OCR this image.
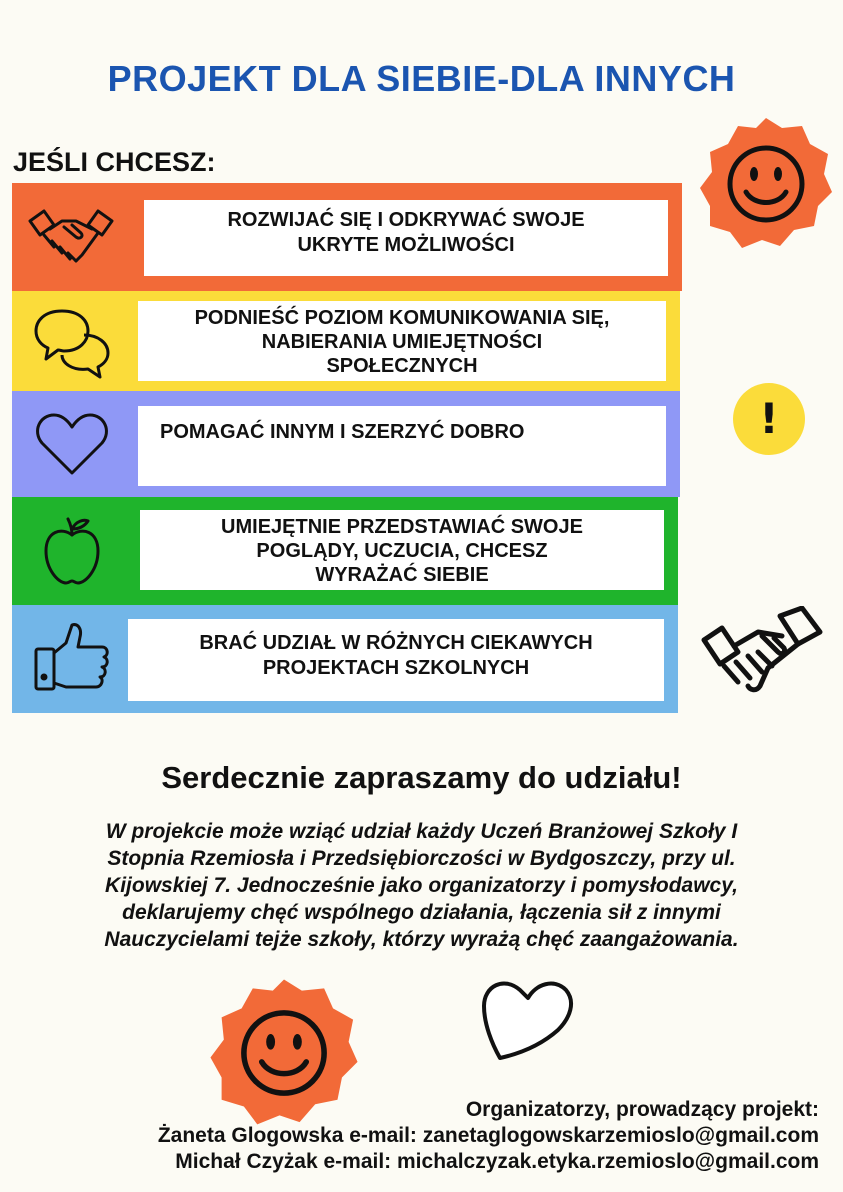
PROJEKT DLA SIEBIE-DLA INNYCH
JEŚLI CHCESZ:
ROZWIJAĆ SIĘ I ODKRYWAĆ SWOJE
UKRYTE MOŻLIWOŚCI
PODNIEŚĆ POZIOM KOMUNIKOWANIA SIĘ,
NABIERANIA UMIEJĘTNOŚCI
SPOŁECZNYCH
POMAGAĆ INNYM I SZERZYĆ DOBRO
UMIEJĘTNIE PRZEDSTAWIAĆ SWOJE
POGLĄDY, UCZUCIA, CHCESZ
WYRAŻAĆ SIEBIE
BRAĆ UDZIAŁ W RÓŻNYCH CIEKAWYCH
PROJEKTACH SZKOLNYCH
!
Serdecznie zapraszamy do udziału!
W projekcie może wziąć udział każdy Uczeń Branżowej Szkoły I
Stopnia Rzemiosła i Przedsiębiorczości w Bydgoszczy, przy ul.
Kijowskiej 7. Jednocześnie jako organizatorzy i pomysłodawcy,
deklarujemy chęć wspólnego działania, łączenia sił z innymi
Nauczycielami tejże szkoły, którzy wyrażą chęć zaangażowania.
Organizatorzy, prowadzący projekt:
Żaneta Glogowska e-mail: zanetaglogowskarzemioslo@gmail.com
Michał Czyżak e-mail: michalczyzak.etyka.rzemioslo@gmail.com
